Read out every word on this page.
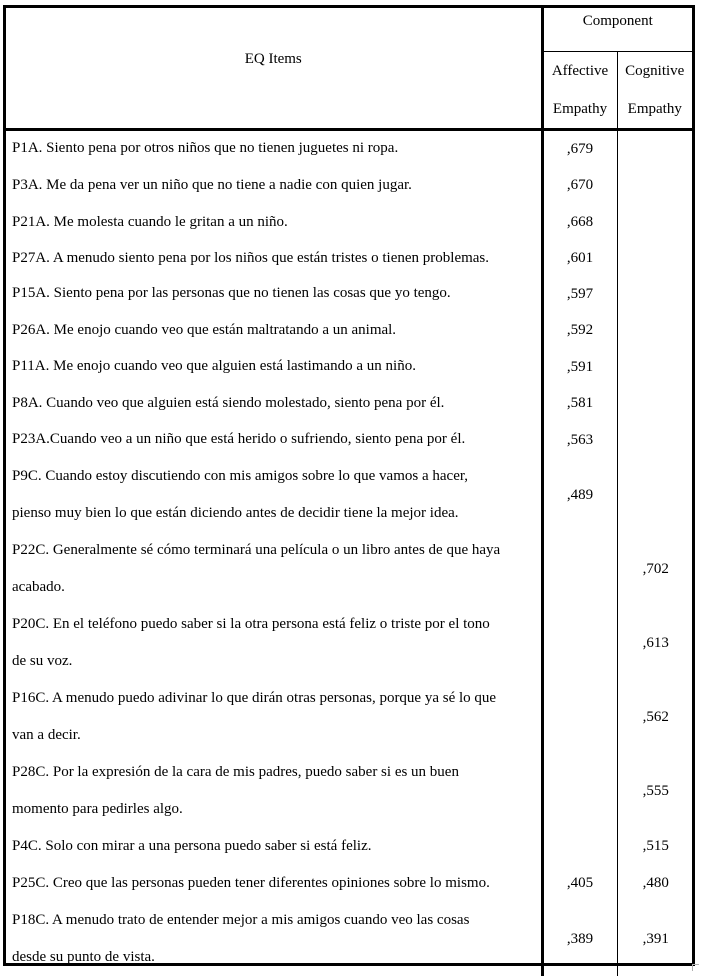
EQ Items	Component	

	Affective
Empathy	Cognitive
Empathy

P1A. Siento pena por otros niños que no tienen juguetes ni ropa.	,679	

P3A. Me da pena ver un niño que no tiene a nadie con quien jugar.	,670	

P21A. Me molesta cuando le gritan a un niño.	,668	

P27A. A menudo siento pena por los niños que están tristes o tienen problemas.	,601	

P15A. Siento pena por las personas que no tienen las cosas que yo tengo.	,597	

P26A. Me enojo cuando veo que están maltratando a un animal.	,592	

P11A. Me enojo cuando veo que alguien está lastimando a un niño.	,591	

P8A. Cuando veo que alguien está siendo molestado, siento pena por él.	,581	

P23A.Cuando veo a un niño que está herido o sufriendo, siento pena por él.	,563	

P9C. Cuando estoy discutiendo con mis amigos sobre lo que vamos a hacer,
pienso muy bien lo que están diciendo antes de decidir tiene la mejor idea.	,489	

P22C. Generalmente sé cómo terminará una película o un libro antes de que haya
acabado.		,702

P20C. En el teléfono puedo saber si la otra persona está feliz o triste por el tono
de su voz.		,613

P16C. A menudo puedo adivinar lo que dirán otras personas, porque ya sé lo que
van a decir.		,562

P28C. Por la expresión de la cara de mis padres, puedo saber si es un buen
momento para pedirles algo.		,555

P4C. Solo con mirar a una persona puedo saber si está feliz.		,515

P25C. Creo que las personas pueden tener diferentes opiniones sobre lo mismo.	,405	,480

P18C. A menudo trato de entender mejor a mis amigos cuando veo las cosas
desde su punto de vista.	,389	,391
